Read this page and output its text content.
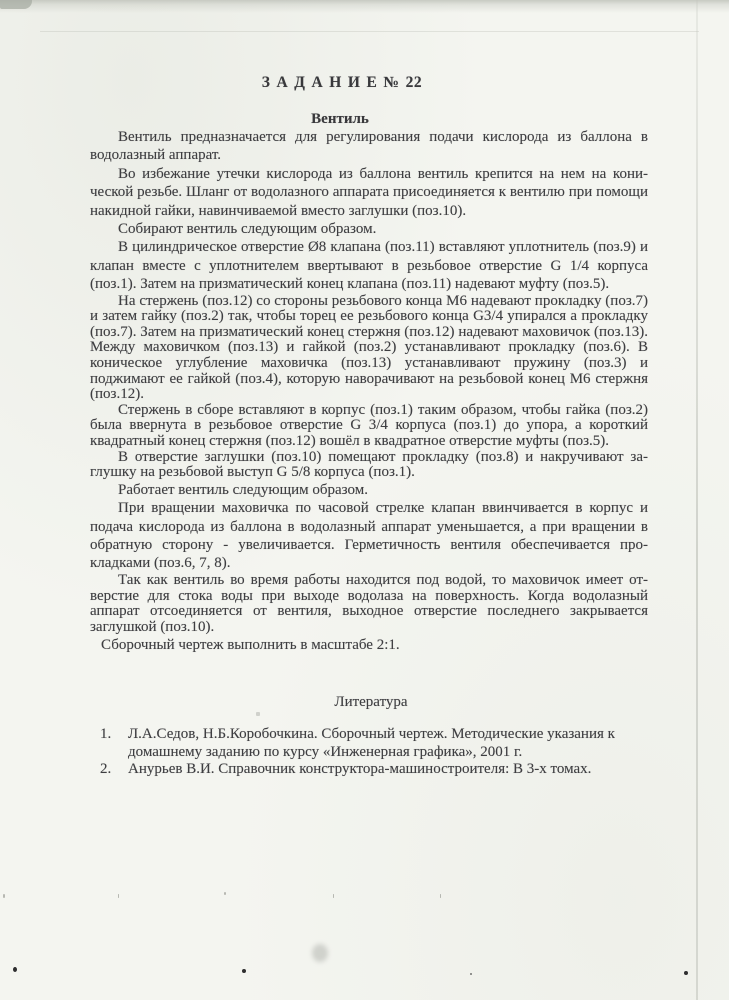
З А Д А Н И Е № 22
Вентиль

Вентиль предназначается для регулирования подачи кислорода из баллона в водолазный аппарат.

Во избежание утечки кислорода из баллона вентиль крепится на нем на конической резьбе. Шланг от водолазного аппарата присоединяется к вентилю при помощи накидной гайки, навинчиваемой вместо заглушки (поз.10).

Собирают вентиль следующим образом.

В цилиндрическое отверстие Ø8 клапана (поз.11) вставляют уплотнитель (поз.9) и клапан вместе с уплотнителем ввертывают в резьбовое отверстие G 1/4 корпуса (поз.1). Затем на призматический конец клапана (поз.11) надевают муфту (поз.5).

На стержень (поз.12) со стороны резьбового конца М6 надевают прокладку (поз.7) и затем гайку (поз.2) так, чтобы торец ее резьбового конца G3/4 упирался а прокладку (поз.7). Затем на призматический конец стержня (поз.12) надевают маховичок (поз.13). Между маховичком (поз.13) и гайкой (поз.2) устанавливают прокладку (поз.6). В коническое углубление маховичка (поз.13) устанавливают пружину (поз.3) и поджимают ее гайкой (поз.4), которую наворачивают на резьбовой конец М6 стержня (поз.12).

Стержень в сборе вставляют в корпус (поз.1) таким образом, чтобы гайка (поз.2) была ввернута в резьбовое отверстие G 3/4 корпуса (поз.1) до упора, а короткий квадратный конец стержня (поз.12) вошёл в квадратное отверстие муфты (поз.5).

В отверстие заглушки (поз.10) помещают прокладку (поз.8) и накручивают заглушку на резьбовой выступ G 5/8 корпуса (поз.1).

Работает вентиль следующим образом.

При вращении маховичка по часовой стрелке клапан ввинчивается в корпус и подача кислорода из баллона в водолазный аппарат уменьшается, а при вращении в обратную сторону - увеличивается. Герметичность вентиля обеспечивается прокладками (поз.6, 7, 8).

Так как вентиль во время работы находится под водой, то маховичок имеет отверстие для стока воды при выходе водолаза на поверхность. Когда водолазный аппарат отсоединяется от вентиля, выходное отверстие последнего закрывается заглушкой (поз.10).

Сборочный чертеж выполнить в масштабе 2:1.

Литература
1.	Л.А.Седов, Н.Б.Коробочкина. Сборочный чертеж. Методические указания к домашнему заданию по курсу «Инженерная графика», 2001 г.
2.	Анурьев В.И. Справочник конструктора-машиностроителя: В 3-х томах.
